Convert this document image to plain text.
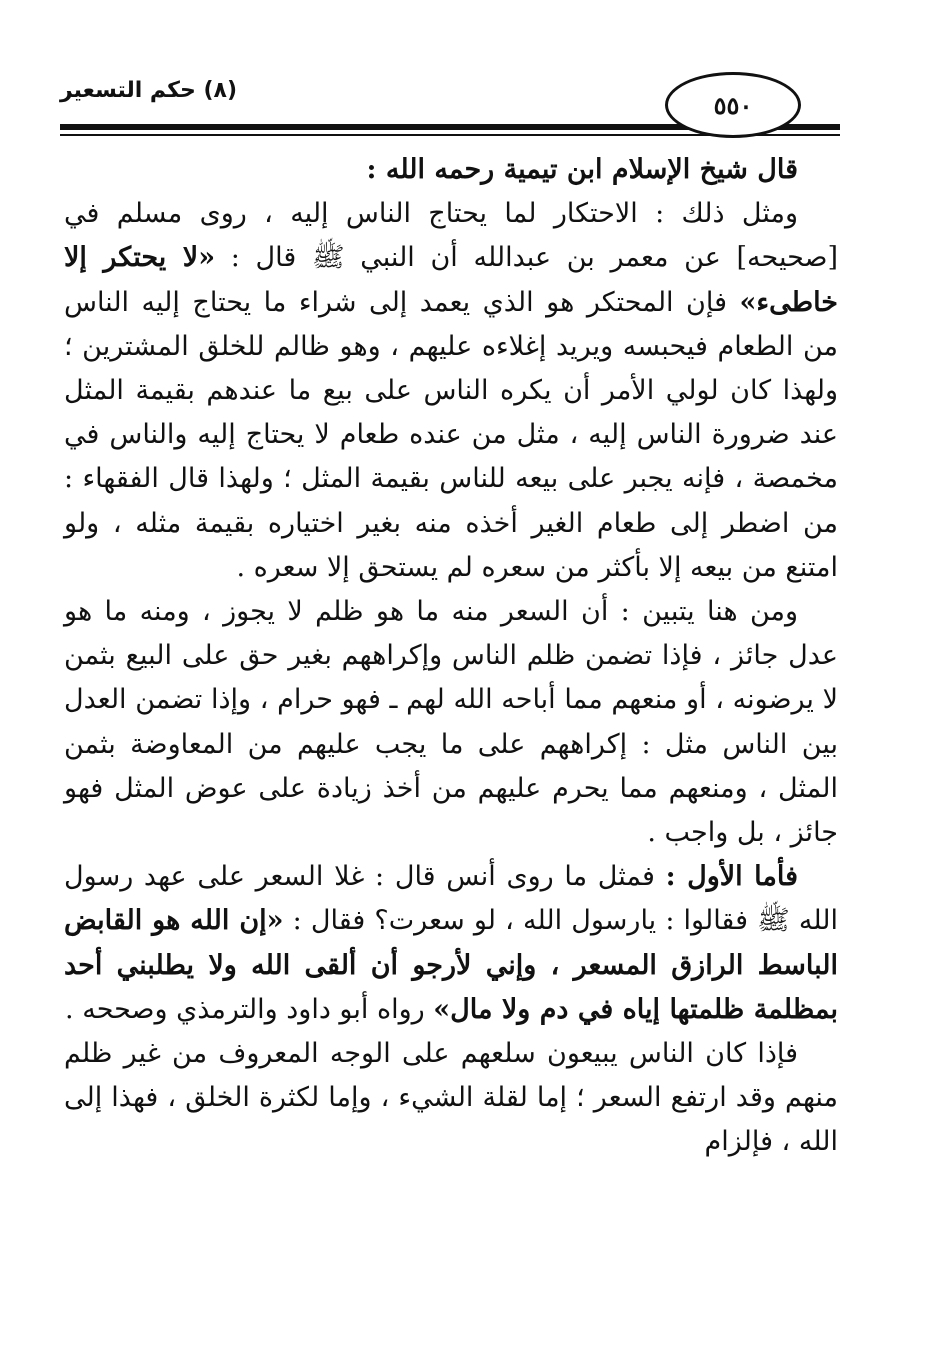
(٨) حكم التسعير	٥٥٠

قال شيخ الإسلام ابن تيمية رحمه الله :

ومثل ذلك : الاحتكار لما يحتاج الناس إليه ، روى مسلم في [صحيحه] عن معمر بن عبدالله أن النبي ﷺ قال : «لا يحتكر إلا خاطىء» فإن المحتكر هو الذي يعمد إلى شراء ما يحتاج إليه الناس من الطعام فيحبسه ويريد إغلاءه عليهم ، وهو ظالم للخلق المشترين ؛ ولهذا كان لولي الأمر أن يكره الناس على بيع ما عندهم بقيمة المثل عند ضرورة الناس إليه ، مثل من عنده طعام لا يحتاج إليه والناس في مخمصة ، فإنه يجبر على بيعه للناس بقيمة المثل ؛ ولهذا قال الفقهاء : من اضطر إلى طعام الغير أخذه منه بغير اختياره بقيمة مثله ، ولو امتنع من بيعه إلا بأكثر من سعره لم يستحق إلا سعره .

ومن هنا يتبين : أن السعر منه ما هو ظلم لا يجوز ، ومنه ما هو عدل جائز ، فإذا تضمن ظلم الناس وإكراههم بغير حق على البيع بثمن لا يرضونه ، أو منعهم مما أباحه الله لهم ـ فهو حرام ، وإذا تضمن العدل بين الناس مثل : إكراههم على ما يجب عليهم من المعاوضة بثمن المثل ، ومنعهم مما يحرم عليهم من أخذ زيادة على عوض المثل فهو جائز ، بل واجب .

فأما الأول : فمثل ما روى أنس قال : غلا السعر على عهد رسول الله ﷺ فقالوا : يارسول الله ، لو سعرت؟ فقال : «إن الله هو القابض الباسط الرازق المسعر ، وإني لأرجو أن ألقى الله ولا يطلبني أحد بمظلمة ظلمتها إياه في دم ولا مال» رواه أبو داود والترمذي وصححه .

فإذا كان الناس يبيعون سلعهم على الوجه المعروف من غير ظلم منهم وقد ارتفع السعر ؛ إما لقلة الشيء ، وإما لكثرة الخلق ، فهذا إلى الله ، فإلزام
